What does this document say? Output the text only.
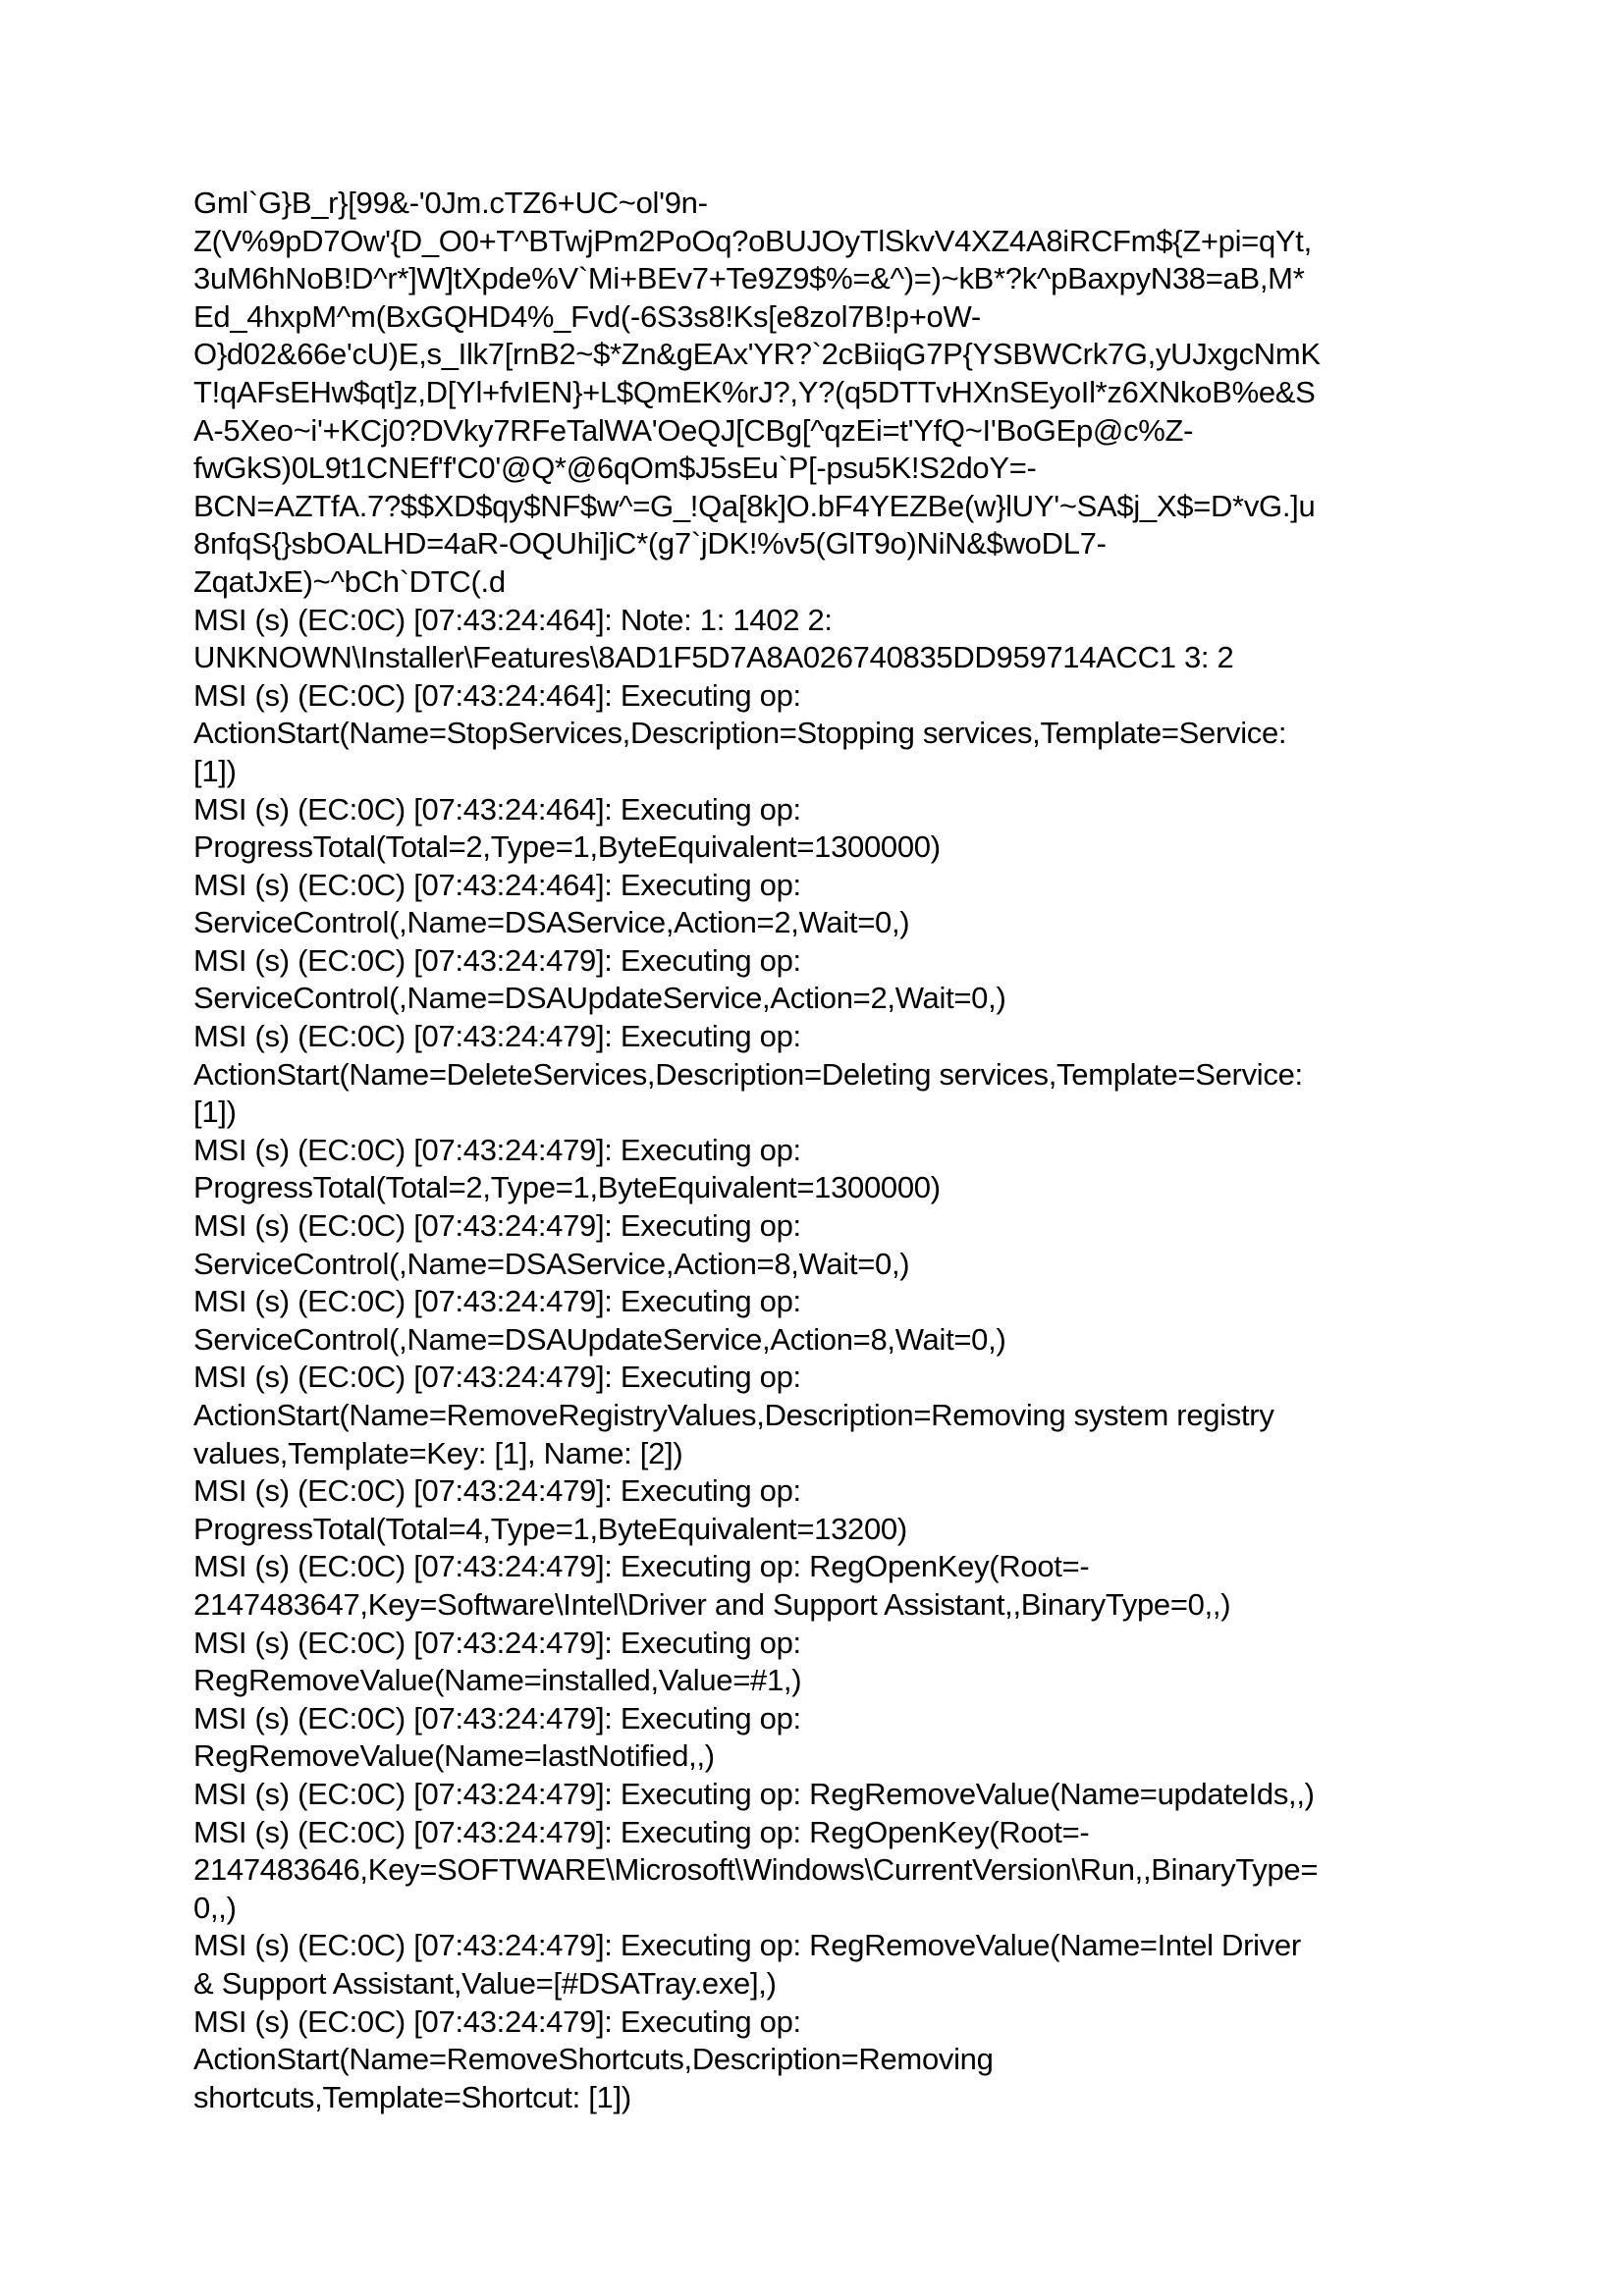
Gml`G}B_r}[99&-'0Jm.cTZ6+UC~ol'9n-
Z(V%9pD7Ow'{D_O0+T^BTwjPm2PoOq?oBUJOyTlSkvV4XZ4A8iRCFm${Z+pi=qYt,
3uM6hNoB!D^r*]W]tXpde%V`Mi+BEv7+Te9Z9$%=&^)=)~kB*?k^pBaxpyN38=aB,M*
Ed_4hxpM^m(BxGQHD4%_Fvd(-6S3s8!Ks[e8zol7B!p+oW-
O}d02&66e'cU)E,s_Ilk7[rnB2~$*Zn&gEAx'YR?`2cBiiqG7P{YSBWCrk7G,yUJxgcNmK
T!qAFsEHw$qt]z,D[Yl+fvIEN}+L$QmEK%rJ?,Y?(q5DTTvHXnSEyoIl*z6XNkoB%e&S
A-5Xeo~i'+KCj0?DVky7RFeTalWA'OeQJ[CBg[^qzEi=t'YfQ~I'BoGEp@c%Z-
fwGkS)0L9t1CNEf'f'C0'@Q*@6qOm$J5sEu`P[-psu5K!S2doY=-
BCN=AZTfA.7?$$XD$qy$NF$w^=G_!Qa[8k]O.bF4YEZBe(w}lUY'~SA$j_X$=D*vG.]u
8nfqS{}sbOALHD=4aR-OQUhi]iC*(g7`jDK!%v5(GlT9o)NiN&$woDL7-
ZqatJxE)~^bCh`DTC(.d
MSI (s) (EC:0C) [07:43:24:464]: Note: 1: 1402 2:
UNKNOWN\Installer\Features\8AD1F5D7A8A026740835DD959714ACC1 3: 2
MSI (s) (EC:0C) [07:43:24:464]: Executing op:
ActionStart(Name=StopServices,Description=Stopping services,Template=Service:
[1])
MSI (s) (EC:0C) [07:43:24:464]: Executing op:
ProgressTotal(Total=2,Type=1,ByteEquivalent=1300000)
MSI (s) (EC:0C) [07:43:24:464]: Executing op:
ServiceControl(,Name=DSAService,Action=2,Wait=0,)
MSI (s) (EC:0C) [07:43:24:479]: Executing op:
ServiceControl(,Name=DSAUpdateService,Action=2,Wait=0,)
MSI (s) (EC:0C) [07:43:24:479]: Executing op:
ActionStart(Name=DeleteServices,Description=Deleting services,Template=Service:
[1])
MSI (s) (EC:0C) [07:43:24:479]: Executing op:
ProgressTotal(Total=2,Type=1,ByteEquivalent=1300000)
MSI (s) (EC:0C) [07:43:24:479]: Executing op:
ServiceControl(,Name=DSAService,Action=8,Wait=0,)
MSI (s) (EC:0C) [07:43:24:479]: Executing op:
ServiceControl(,Name=DSAUpdateService,Action=8,Wait=0,)
MSI (s) (EC:0C) [07:43:24:479]: Executing op:
ActionStart(Name=RemoveRegistryValues,Description=Removing system registry
values,Template=Key: [1], Name: [2])
MSI (s) (EC:0C) [07:43:24:479]: Executing op:
ProgressTotal(Total=4,Type=1,ByteEquivalent=13200)
MSI (s) (EC:0C) [07:43:24:479]: Executing op: RegOpenKey(Root=-
2147483647,Key=Software\Intel\Driver and Support Assistant,,BinaryType=0,,)
MSI (s) (EC:0C) [07:43:24:479]: Executing op:
RegRemoveValue(Name=installed,Value=#1,)
MSI (s) (EC:0C) [07:43:24:479]: Executing op:
RegRemoveValue(Name=lastNotified,,)
MSI (s) (EC:0C) [07:43:24:479]: Executing op: RegRemoveValue(Name=updateIds,,)
MSI (s) (EC:0C) [07:43:24:479]: Executing op: RegOpenKey(Root=-
2147483646,Key=SOFTWARE\Microsoft\Windows\CurrentVersion\Run,,BinaryType=
0,,)
MSI (s) (EC:0C) [07:43:24:479]: Executing op: RegRemoveValue(Name=Intel Driver
& Support Assistant,Value=[#DSATray.exe],)
MSI (s) (EC:0C) [07:43:24:479]: Executing op:
ActionStart(Name=RemoveShortcuts,Description=Removing
shortcuts,Template=Shortcut: [1])
